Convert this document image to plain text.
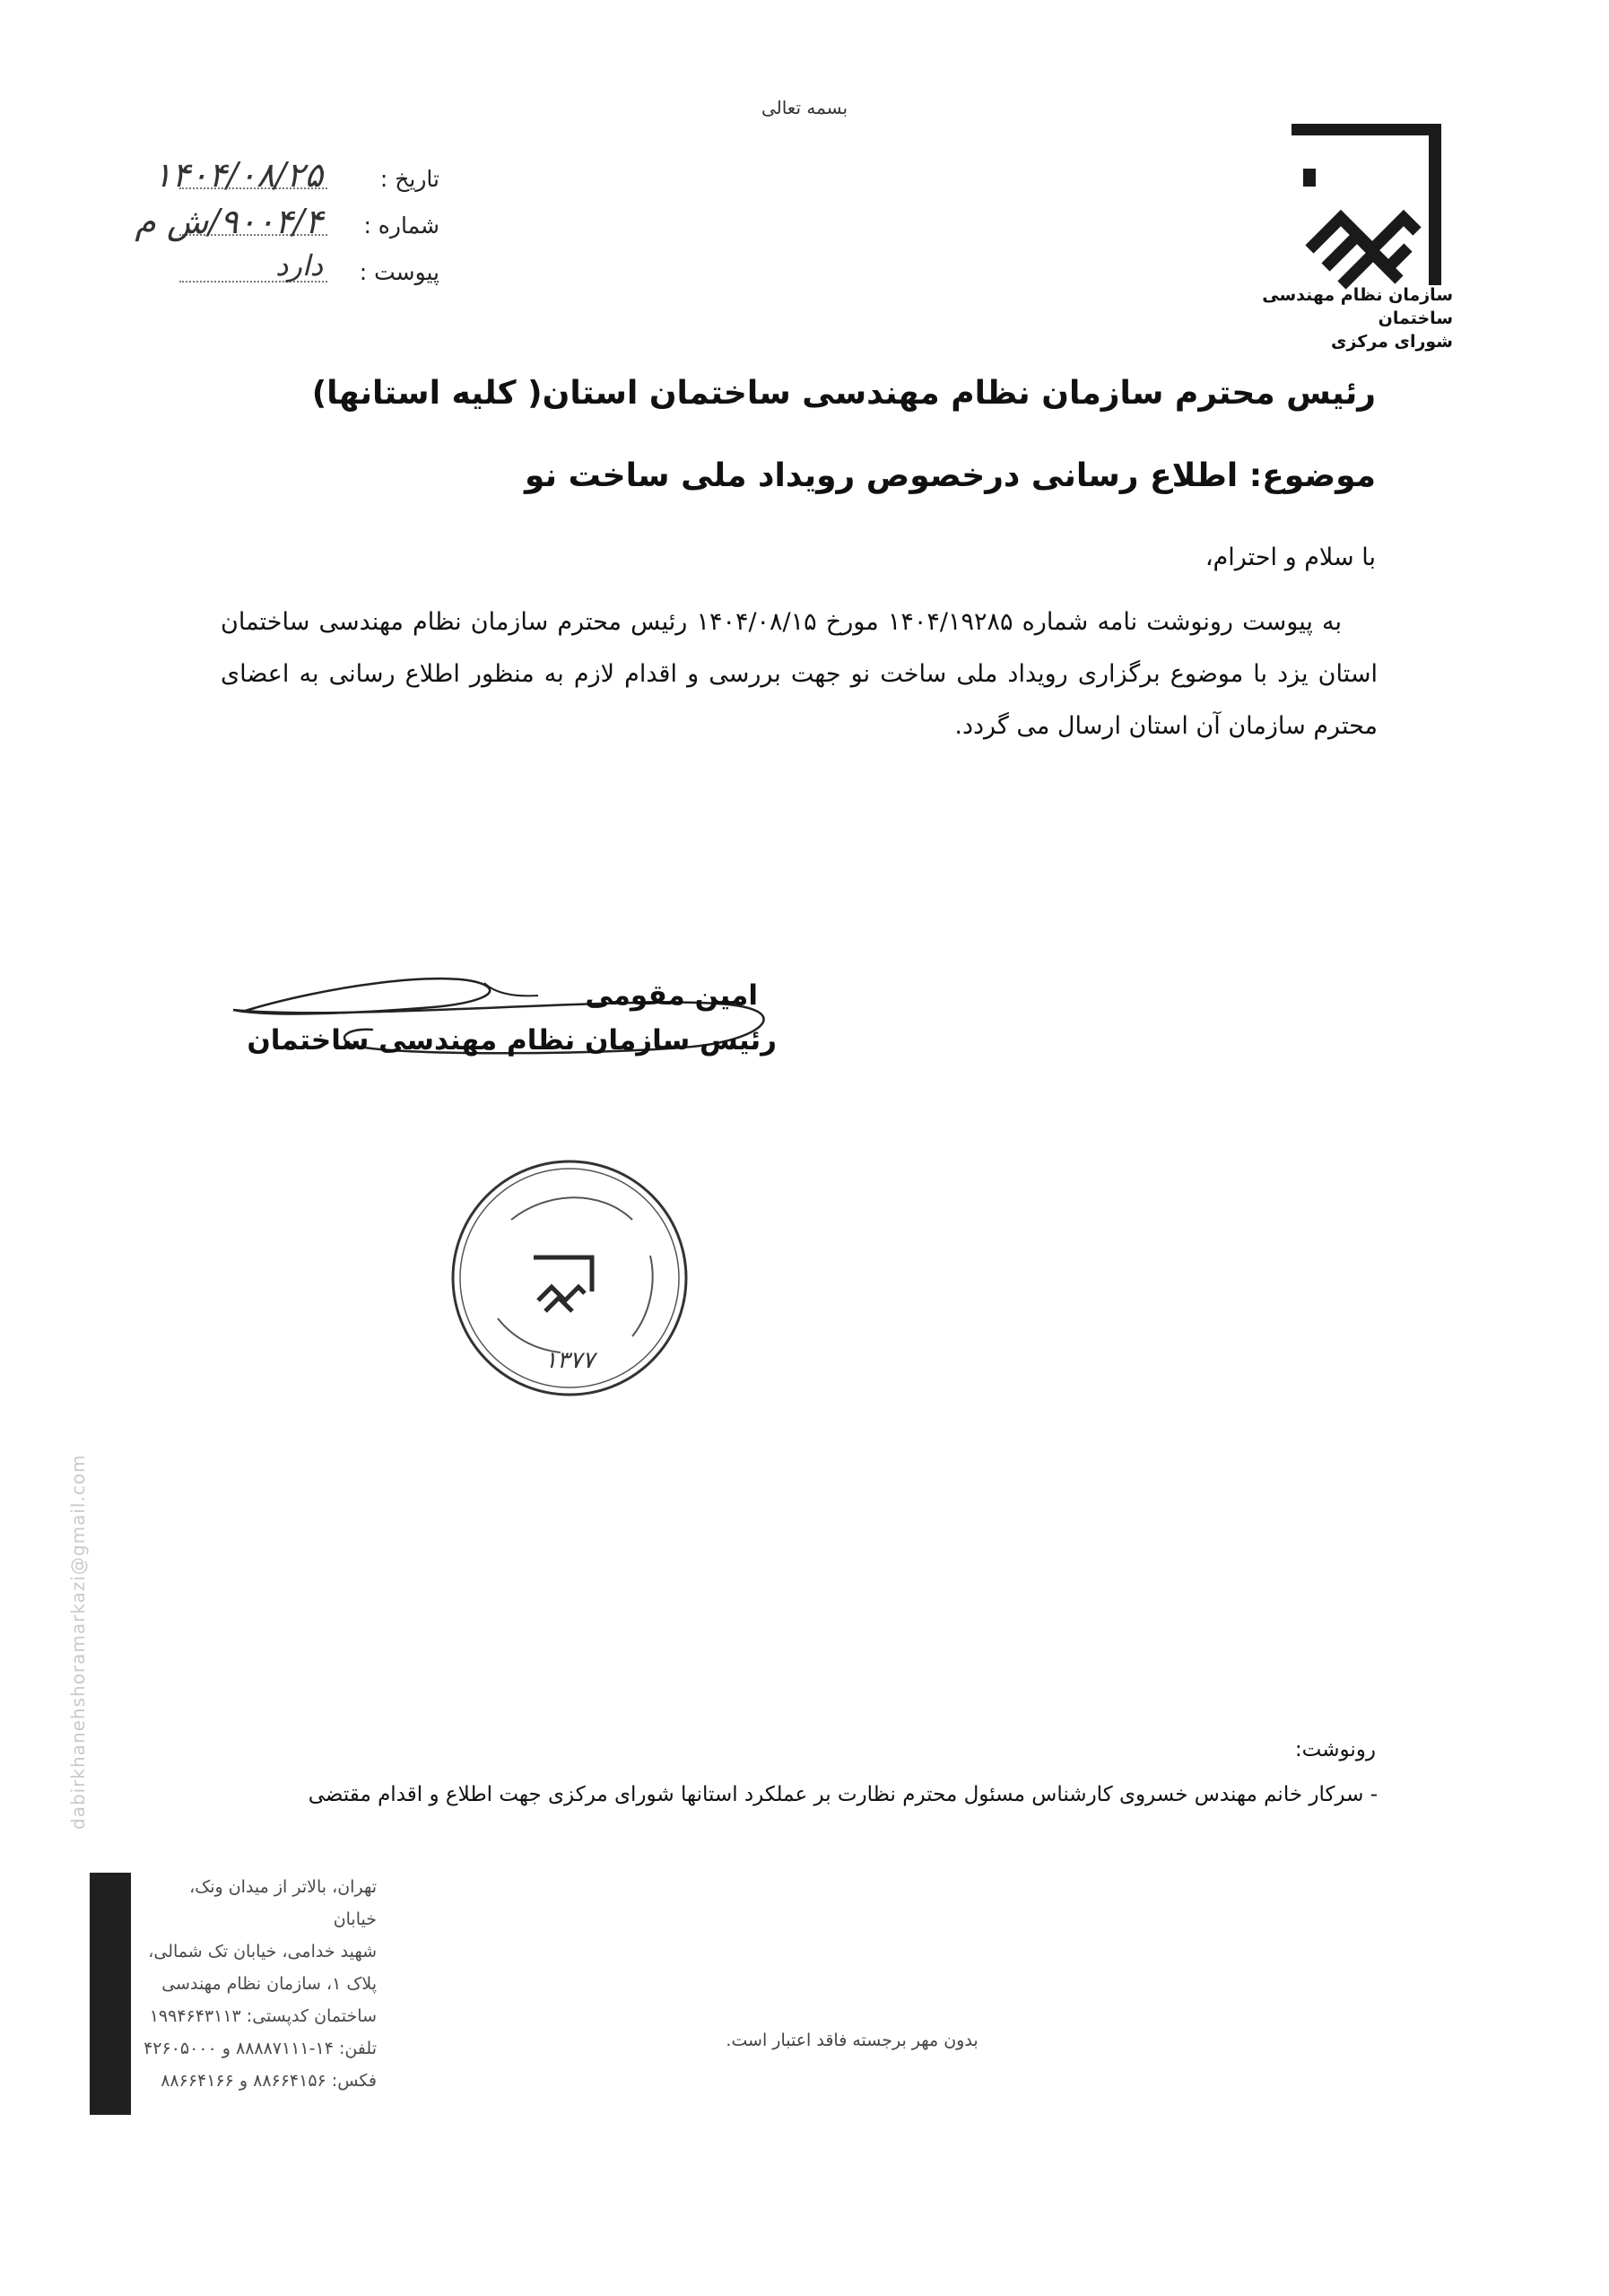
بسمه تعالی
سازمان نظام مهندسی ساختمان
شورای مرکزی
تاریخ :
۱۴۰۴/۰۸/۲۵
شماره :
۹۰۰۴/۴/ش م
پیوست :
دارد
رئیس محترم سازمان نظام مهندسی ساختمان استان( کلیه استانها)
موضوع: اطلاع رسانی درخصوص رویداد ملی ساخت نو
با سلام و احترام،
به پیوست رونوشت نامه شماره ۱۴۰۴/۱۹۲۸۵ مورخ ۱۴۰۴/۰۸/۱۵ رئیس محترم سازمان نظام مهندسی ساختمان استان یزد با موضوع برگزاری رویداد ملی ساخت نو جهت بررسی و اقدام لازم به منظور اطلاع رسانی به اعضای محترم سازمان آن استان ارسال می گردد.
امین مقومی
رئیس سازمان نظام مهندسی ساختمان
۱۳۷۷
dabirkhanehshoramarkazi@gmail.com	رونوشت:
- سرکار خانم مهندس خسروی کارشناس مسئول محترم نظارت بر عملکرد استانها شورای مرکزی جهت اطلاع و اقدام مقتضی
تهران، بالاتر از میدان ونک، خیابان
شهید خدامی، خیابان تک شمالی،
پلاک ۱، سازمان نظام مهندسی
ساختمان کدپستی: ۱۹۹۴۶۴۳۱۱۳
تلفن: ۱۴-۸۸۸۸۷۱۱۱ و ۴۲۶۰۵۰۰۰
فکس: ۸۸۶۶۴۱۵۶ و ۸۸۶۶۴۱۶۶
بدون مهر برجسته فاقد اعتبار است.
